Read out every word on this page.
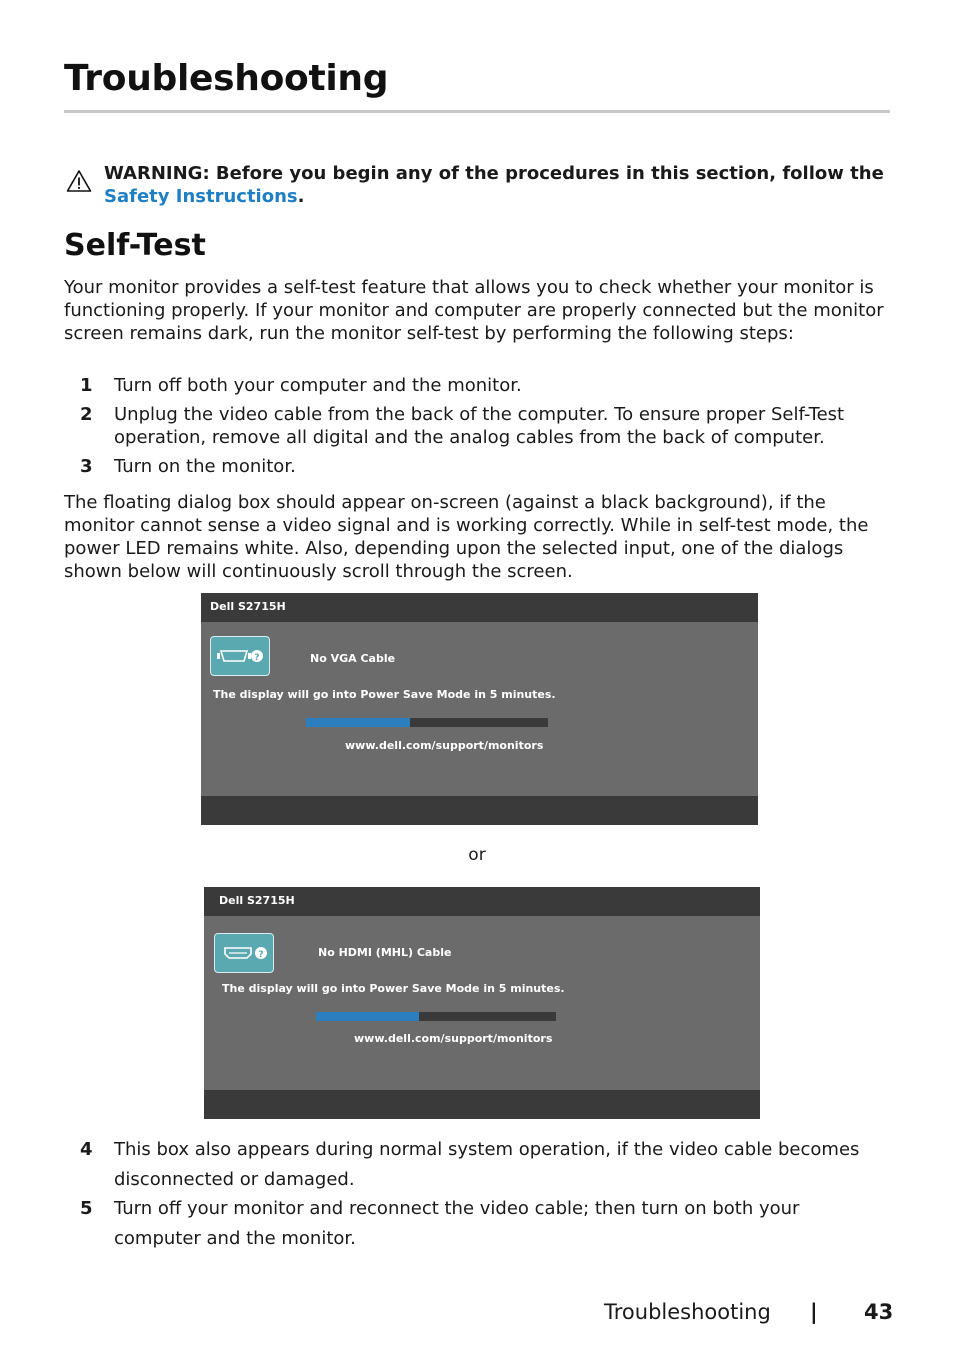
Troubleshooting
WARNING: Before you begin any of the procedures in this section, follow the
Safety Instructions.
Self-Test
Your monitor provides a self-test feature that allows you to check whether your monitor is functioning properly. If your monitor and computer are properly connected but the monitor screen remains dark, run the monitor self-test by performing the following steps:
1 Turn off both your computer and the monitor.
2 Unplug the video cable from the back of the computer. To ensure proper Self-Test operation, remove all digital and the analog cables from the back of computer.
3 Turn on the monitor.
The floating dialog box should appear on-screen (against a black background), if the monitor cannot sense a video signal and is working correctly. While in self-test mode, the power LED remains white. Also, depending upon the selected input, one of the dialogs shown below will continuously scroll through the screen.
Dell S2715H
?	No VGA Cable
The display will go into Power Save Mode in 5 minutes.
www.dell.com/support/monitors
or
Dell S2715H
?	No HDMI (MHL) Cable
The display will go into Power Save Mode in 5 minutes.
www.dell.com/support/monitors
4 This box also appears during normal system operation, if the video cable becomes disconnected or damaged.
5 Turn off your monitor and reconnect the video cable; then turn on both your computer and the monitor.
Troubleshooting | 43
